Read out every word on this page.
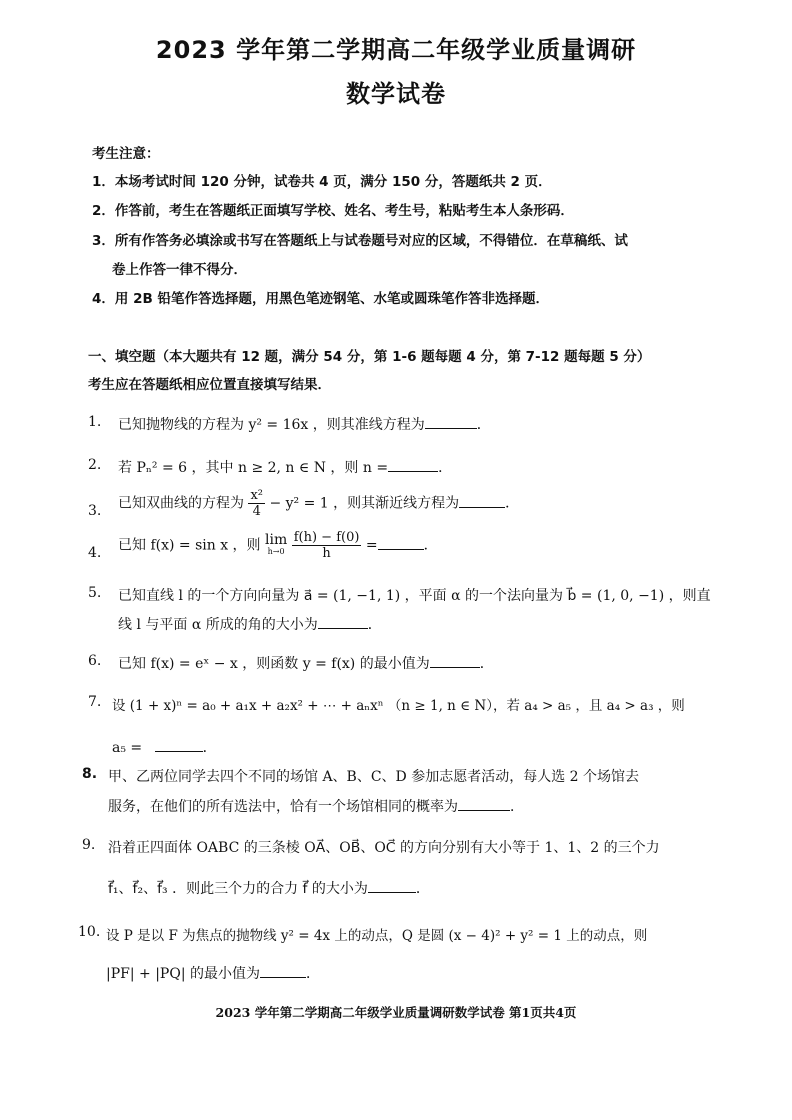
2023 学年第二学期高二年级学业质量调研
数学试卷
考生注意：
1．本场考试时间 120 分钟，试卷共 4 页，满分 150 分，答题纸共 2 页．
2．作答前，考生在答题纸正面填写学校、姓名、考生号，粘贴考生本人条形码．
3．所有作答务必填涂或书写在答题纸上与试卷题号对应的区域，不得错位．在草稿纸、试
卷上作答一律不得分．
4．用 2B 铅笔作答选择题，用黑色笔迹钢笔、水笔或圆珠笔作答非选择题．
一、填空题（本大题共有 12 题，满分 54 分，第 1-6 题每题 4 分，第 7-12 题每题 5 分）
考生应在答题纸相应位置直接填写结果．
1. 已知抛物线的方程为 y² = 16x ，则其准线方程为	．
2. 若 Pₙ² = 6 ，其中 n ≥ 2, n ∈ N ，则 n =	．
3. 已知双曲线的方程为 $\frac{\text{x²}}{4} - y^2 = 1$ ，则其渐近线方程为	．
4. 已知 f(x) = sin x ，则 lim
h→0
$\frac{f(h) - f(0)}{h}$ =	．
5. 已知直线 l 的一个方向向量为 a⃗ = (1, −1, 1) ，平面 α 的一个法向量为 b⃗ = (1, 0, −1) ，则直
线 l 与平面 α 所成的角的大小为	．
6. 已知 f(x) = eˣ − x ，则函数 y = f(x) 的最小值为	．
7. 设 (1 + x)ⁿ = a₀ + a₁x + a₂x² + ⋯ + aₙxⁿ （n ≥ 1, n ∈ N），若 a₄ > a₅ ，且 a₄ > a₃ ，则
a₅ =	．
8. 甲、乙两位同学去四个不同的场馆 A、B、C、D 参加志愿者活动，每人选 2 个场馆去
服务，在他们的所有选法中，恰有一个场馆相同的概率为	．
9. 沿着正四面体 OABC 的三条棱 OA⃗、OB⃗、OC⃗ 的方向分别有大小等于 1、1、2 的三个力
f⃗₁、f⃗₂、f⃗₃ ．则此三个力的合力 f⃗ 的大小为	．
10. 设 P 是以 F 为焦点的抛物线 y² = 4x 上的动点，Q 是圆 (x − 4)² + y² = 1 上的动点，则
|PF| + |PQ| 的最小值为	．
2023 学年第二学期高二年级学业质量调研数学试卷 第1页共4页
